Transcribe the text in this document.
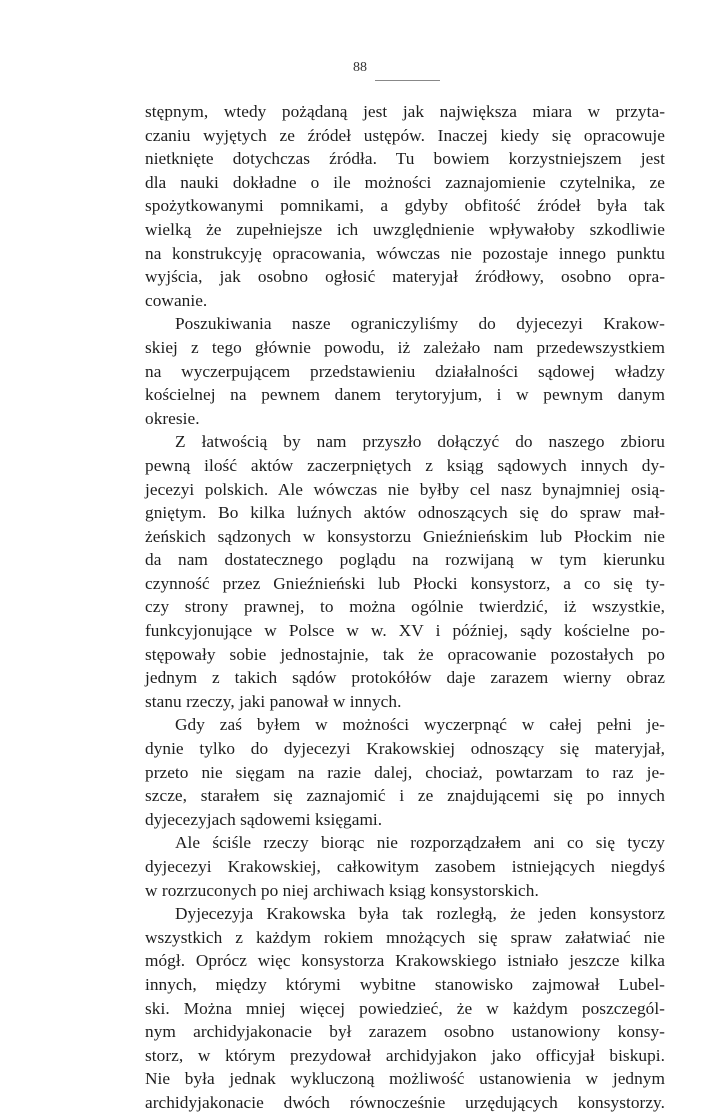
88
stępnym, wtedy pożądaną jest jak największa miara w przyta-
czaniu wyjętych ze źródeł ustępów. Inaczej kiedy się opracowuje
nietknięte dotychczas źródła. Tu bowiem korzystniejszem jest
dla nauki dokładne o ile możności zaznajomienie czytelnika, ze
spożytkowanymi pomnikami, a gdyby obfitość źródeł była tak
wielką że zupełniejsze ich uwzględnienie wpływałoby szkodliwie
na konstrukcyję opracowania, wówczas nie pozostaje innego punktu
wyjścia, jak osobno ogłosić materyjał źródłowy, osobno opra-
cowanie.
Poszukiwania nasze ograniczyliśmy do dyjecezyi Krakow-
skiej z tego głównie powodu, iż zależało nam przedewszystkiem
na wyczerpującem przedstawieniu działalności sądowej władzy
kościelnej na pewnem danem terytoryjum, i w pewnym danym
okresie.
Z łatwością by nam przyszło dołączyć do naszego zbioru
pewną ilość aktów zaczerpniętych z ksiąg sądowych innych dy-
jecezyi polskich. Ale wówczas nie byłby cel nasz bynajmniej osią-
gniętym. Bo kilka luźnych aktów odnoszących się do spraw mał-
żeńskich sądzonych w konsystorzu Gnieźnieńskim lub Płockim nie
da nam dostatecznego poglądu na rozwijaną w tym kierunku
czynność przez Gnieźnieński lub Płocki konsystorz, a co się ty-
czy strony prawnej, to można ogólnie twierdzić, iż wszystkie,
funkcyjonujące w Polsce w w. XV i później, sądy kościelne po-
stępowały sobie jednostajnie, tak że opracowanie pozostałych po
jednym z takich sądów protokółów daje zarazem wierny obraz
stanu rzeczy, jaki panował w innych.
Gdy zaś byłem w możności wyczerpnąć w całej pełni je-
dynie tylko do dyjecezyi Krakowskiej odnoszący się materyjał,
przeto nie sięgam na razie dalej, chociaż, powtarzam to raz je-
szcze, starałem się zaznajomić i ze znajdującemi się po innych
dyjecezyjach sądowemi księgami.
Ale ściśle rzeczy biorąc nie rozporządzałem ani co się tyczy
dyjecezyi Krakowskiej, całkowitym zasobem istniejących niegdyś
w rozrzuconych po niej archiwach ksiąg konsystorskich.
Dyjecezyja Krakowska była tak rozległą, że jeden konsystorz
wszystkich z każdym rokiem mnożących się spraw załatwiać nie
mógł. Oprócz więc konsystorza Krakowskiego istniało jeszcze kilka
innych, między którymi wybitne stanowisko zajmował Lubel-
ski. Można mniej więcej powiedzieć, że w każdym poszczegól-
nym archidyjakonacie był zarazem osobno ustanowiony konsy-
storz, w którym prezydował archidyjakon jako officyjał biskupi.
Nie była jednak wykluczoną możliwość ustanowienia w jednym
archidyjakonacie dwóch równocześnie urzędujących konsystorzy.
